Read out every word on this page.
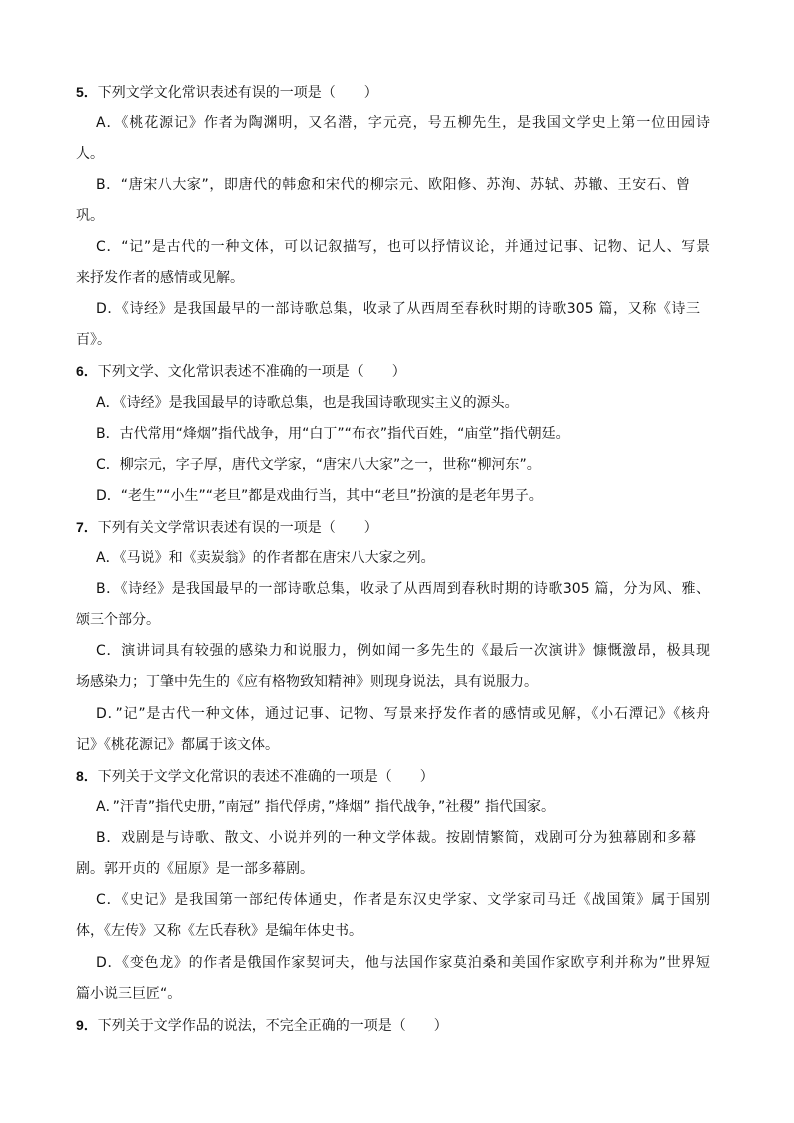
5．下列文学文化常识表述有误的一项是（　　）
A．《桃花源记》作者为陶渊明，又名潜，字元亮，号五柳先生，是我国文学史上第一位田园诗
人。
B．“唐宋八大家”，即唐代的韩愈和宋代的柳宗元、欧阳修、苏洵、苏轼、苏辙、王安石、曾
巩。
C．“记”是古代的一种文体，可以记叙描写，也可以抒情议论，并通过记事、记物、记人、写景
来抒发作者的感情或见解。
D．《诗经》是我国最早的一部诗歌总集，收录了从西周至春秋时期的诗歌305 篇，又称《诗三
百》。
6．下列文学、文化常识表述不准确的一项是（　　）
A．《诗经》是我国最早的诗歌总集，也是我国诗歌现实主义的源头。
B．古代常用“烽烟”指代战争，用“白丁”“布衣”指代百姓，“庙堂”指代朝廷。
C．柳宗元，字子厚，唐代文学家，“唐宋八大家”之一，世称“柳河东”。
D．“老生”“小生”“老旦”都是戏曲行当，其中“老旦”扮演的是老年男子。
7．下列有关文学常识表述有误的一项是（　　）
A．《马说》和《卖炭翁》的作者都在唐宋八大家之列。
B．《诗经》是我国最早的一部诗歌总集，收录了从西周到春秋时期的诗歌305 篇，分为风、雅、
颂三个部分。
C．演讲词具有较强的感染力和说服力，例如闻一多先生的《最后一次演讲》慷慨激昂，极具现
场感染力；丁肇中先生的《应有格物致知精神》则现身说法，具有说服力。
D．”记”是古代一种文体，通过记事、记物、写景来抒发作者的感情或见解，《小石潭记》《核舟
记》《桃花源记》都属于该文体。
8．下列关于文学文化常识的表述不准确的一项是（　　）
A．”汗青”指代史册，”南冠” 指代俘虏，”烽烟” 指代战争，”社稷” 指代国家。
B．戏剧是与诗歌、散文、小说并列的一种文学体裁。按剧情繁简，戏剧可分为独幕剧和多幕
剧。郭开贞的《屈原》是一部多幕剧。
C．《史记》是我国第一部纪传体通史，作者是东汉史学家、文学家司马迁《战国策》属于国别
体，《左传》又称《左氏春秋》是编年体史书。
D．《变色龙》的作者是俄国作家契诃夫，他与法国作家莫泊桑和美国作家欧亨利并称为”世界短
篇小说三巨匠“。
9．下列关于文学作品的说法，不完全正确的一项是（　　）
